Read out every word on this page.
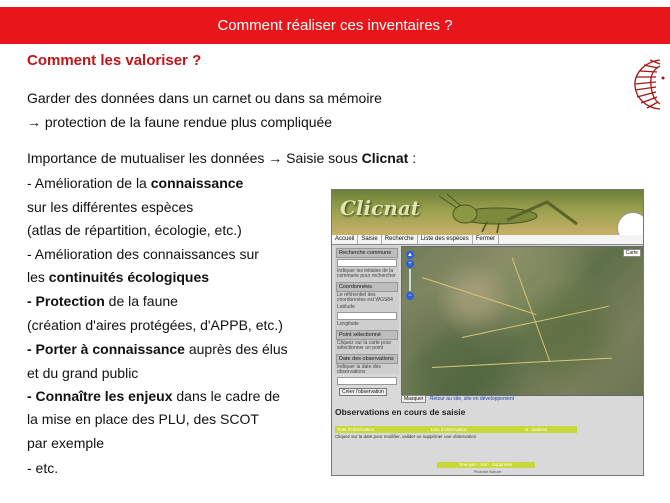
Comment réaliser ces inventaires ?
Comment les valoriser ?
Garder des données dans un carnet ou dans sa mémoire
→ protection de la faune rendue plus compliquée
Importance de mutualiser les données → Saisie sous Clicnat :
- Amélioration de la connaissance
sur les différentes espèces
(atlas de répartition, écologie, etc.)
- Amélioration des connaissances sur
les continuités écologiques
- Protection de la faune
(création d'aires protégées, d'APPB, etc.)
- Porter à connaissance auprès des élus
et du grand public
- Connaître les enjeux dans le cadre de
la mise en place des PLU, des SCOT
par exemple
- etc.
Clicnat
Accueil	Saisie	Recherche	Liste des espèces	Fermer
Recherche commune
Indiquer les initiales de la commune pour rechercher
Coordonnées
Le référentiel des coordonnées est WGS84
Latitude
Longitude
Point sélectionné
Cliquez sur la carte pour sélectionner un point
Date des observations
Indiquer la date des observations
Créer l'observation
▲
+
−
Carte
Masquer Retour au site, site en développement
Observations en cours de saisie
Date d'observation	Lieu d'observation	N. citations
Cliquez sur la date pour modifier, valider ou supprimer une observation
Envoyer - Voir - Supprimer
Picardie Nature
